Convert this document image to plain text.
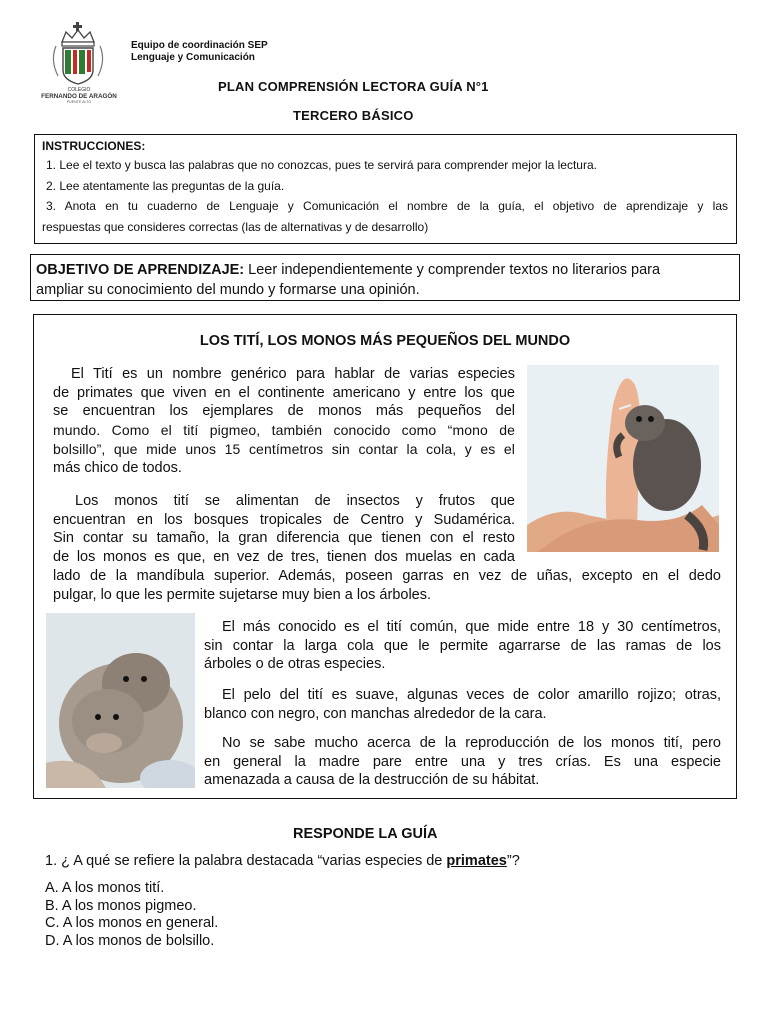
COLEGIO
FERNANDO DE ARAGÓN
PUENTE ALTO
Equipo de coordinación SEP
Lenguaje y Comunicación
PLAN COMPRENSIÓN LECTORA GUÍA N°1
TERCERO BÁSICO
INSTRUCCIONES:
1. Lee el texto y busca las palabras que no conozcas, pues te servirá para comprender mejor la lectura.
2. Lee atentamente las preguntas de la guía.
3. Anota en tu cuaderno de Lenguaje y Comunicación el nombre de la guía, el objetivo de aprendizaje y las
respuestas que consideres correctas (las de alternativas y de desarrollo)
OBJETIVO DE APRENDIZAJE: Leer independientemente y comprender textos no literarios para
ampliar su conocimiento del mundo y formarse una opinión.
LOS TITÍ, LOS MONOS MÁS PEQUEÑOS DEL MUNDO
El Tití es un nombre genérico para hablar de varias especies
de primates que viven en el continente americano y entre los que
se encuentran los ejemplares de monos más pequeños del
mundo. Como el tití pigmeo, también conocido como “mono de
bolsillo”, que mide unos 15 centímetros sin contar la cola, y es el
más chico de todos.
Los monos tití se alimentan de insectos y frutos que
encuentran en los bosques tropicales de Centro y Sudamérica.
Sin contar su tamaño, la gran diferencia que tienen con el resto
de los monos es que, en vez de tres, tienen dos muelas en cada
lado de la mandíbula superior. Además, poseen garras en vez de uñas, excepto en el dedo
pulgar, lo que les permite sujetarse muy bien a los árboles.
El más conocido es el tití común, que mide entre 18 y 30 centímetros,
sin contar la larga cola que le permite agarrarse de las ramas de los
árboles o de otras especies.
El pelo del tití es suave, algunas veces de color amarillo rojizo; otras,
blanco con negro, con manchas alrededor de la cara.
No se sabe mucho acerca de la reproducción de los monos tití, pero
en general la madre pare entre una y tres crías. Es una especie
amenazada a causa de la destrucción de su hábitat.
RESPONDE LA GUÍA
1. ¿ A qué se refiere la palabra destacada “varias especies de primates”?
A. A los monos tití.
B. A los monos pigmeo.
C. A los monos en general.
D. A los monos de bolsillo.
